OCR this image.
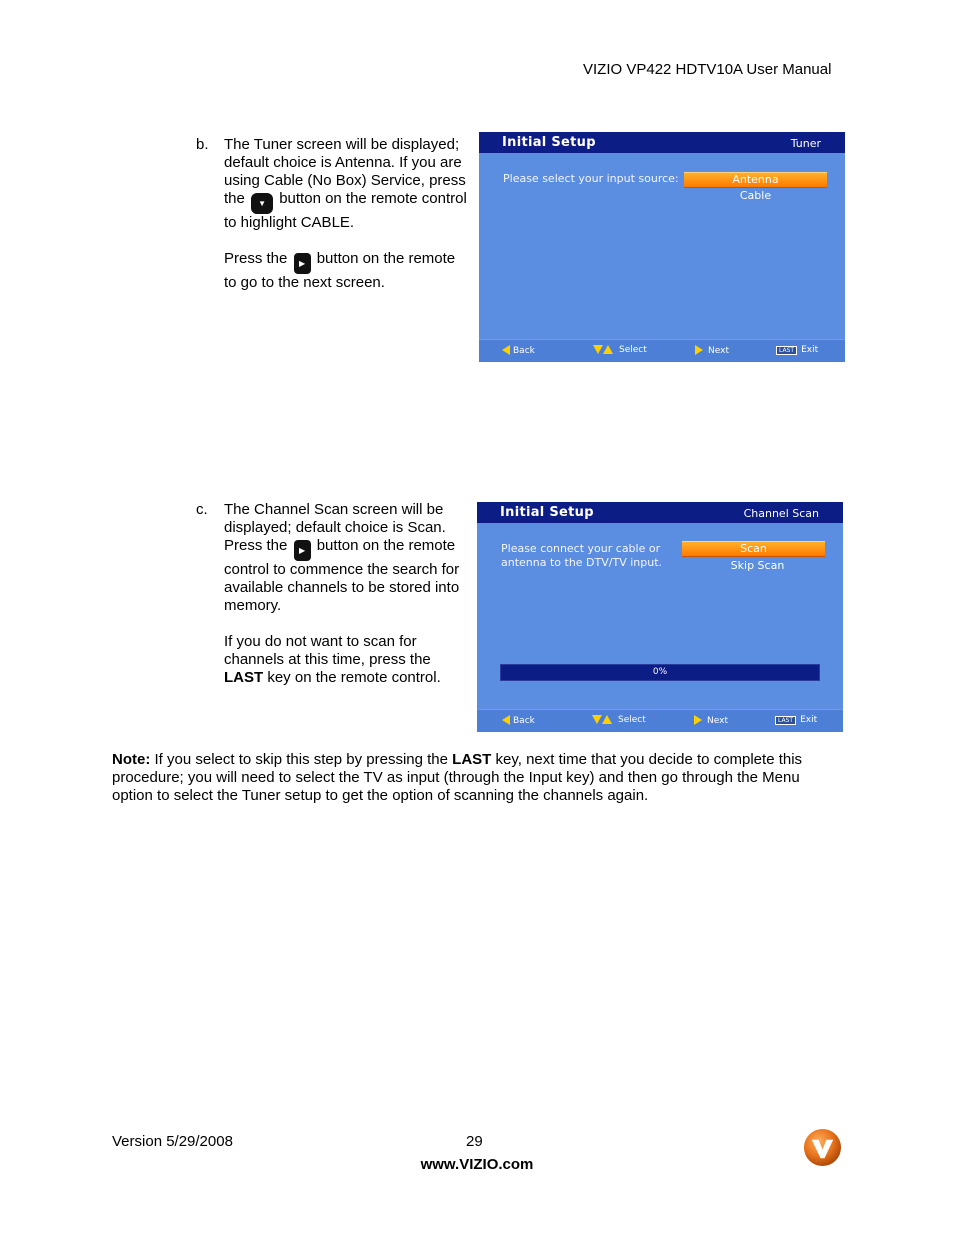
VIZIO VP422 HDTV10A User Manual
b. The Tuner screen will be displayed; default choice is Antenna. If you are using Cable (No Box) Service, press the ▼ button on the remote control to highlight CABLE.

Press the ▶ button on the remote to go to the next screen.

Initial Setup	Tuner
Please select your input source:	Antenna
Cable
Back	Select	Next	LAST Exit
c. The Channel Scan screen will be displayed; default choice is Scan. Press the ▶ button on the remote control to commence the search for available channels to be stored into memory.

If you do not want to scan for channels at this time, press the LAST key on the remote control.

Initial Setup	Channel Scan
Please connect your cable or antenna to the DTV/TV input.
Scan
Skip Scan
0%
Back	Select	Next	LAST Exit
Note: If you select to skip this step by pressing the LAST key, next time that you decide to complete this procedure; you will need to select the TV as input (through the Input key) and then go through the Menu option to select the Tuner setup to get the option of scanning the channels again.
Version 5/29/2008	29
www.VIZIO.com
